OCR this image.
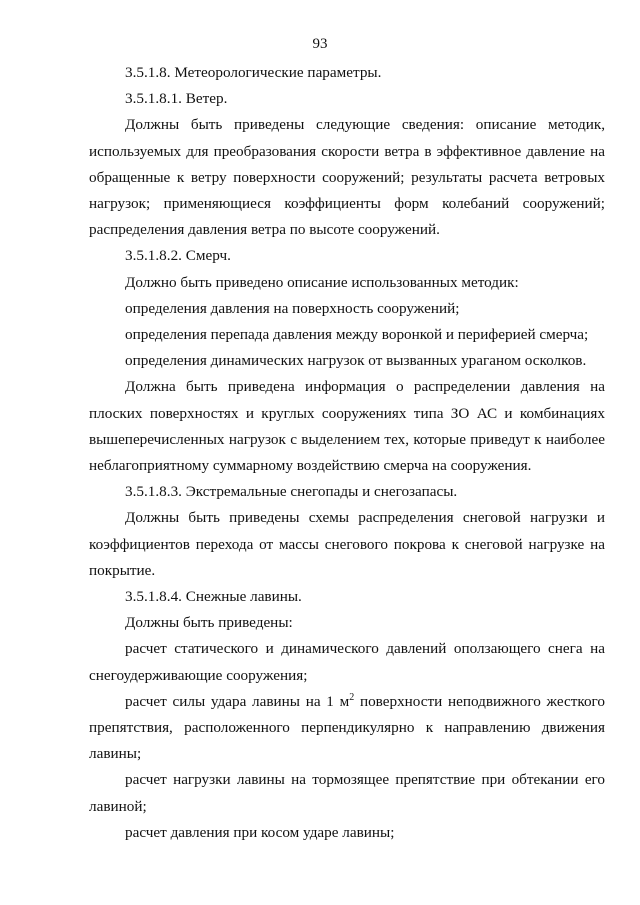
93

3.5.1.8. Метеорологические параметры.

3.5.1.8.1. Ветер.

Должны быть приведены следующие сведения: описание методик, используемых для преобразования скорости ветра в эффективное давление на обращенные к ветру поверхности сооружений; результаты расчета ветровых нагрузок; применяющиеся коэффициенты форм колебаний сооружений; распределения давления ветра по высоте сооружений.

3.5.1.8.2. Смерч.

Должно быть приведено описание использованных методик:

определения давления на поверхность сооружений;

определения перепада давления между воронкой и периферией смерча;

определения динамических нагрузок от вызванных ураганом осколков.

Должна быть приведена информация о распределении давления на плоских поверхностях и круглых сооружениях типа ЗО АС и комбинациях вышеперечисленных нагрузок с выделением тех, которые приведут к наиболее неблагоприятному суммарному воздействию смерча на сооружения.

3.5.1.8.3. Экстремальные снегопады и снегозапасы.

Должны быть приведены схемы распределения снеговой нагрузки и коэффициентов перехода от массы снегового покрова к снеговой нагрузке на покрытие.

3.5.1.8.4. Снежные лавины.

Должны быть приведены:

расчет статического и динамического давлений оползающего снега на снегоудерживающие сооружения;

расчет силы удара лавины на 1 $м^2$ поверхности неподвижного жесткого препятствия, расположенного перпендикулярно к направлению движения лавины;

расчет нагрузки лавины на тормозящее препятствие при обтекании его лавиной;

расчет давления при косом ударе лавины;
